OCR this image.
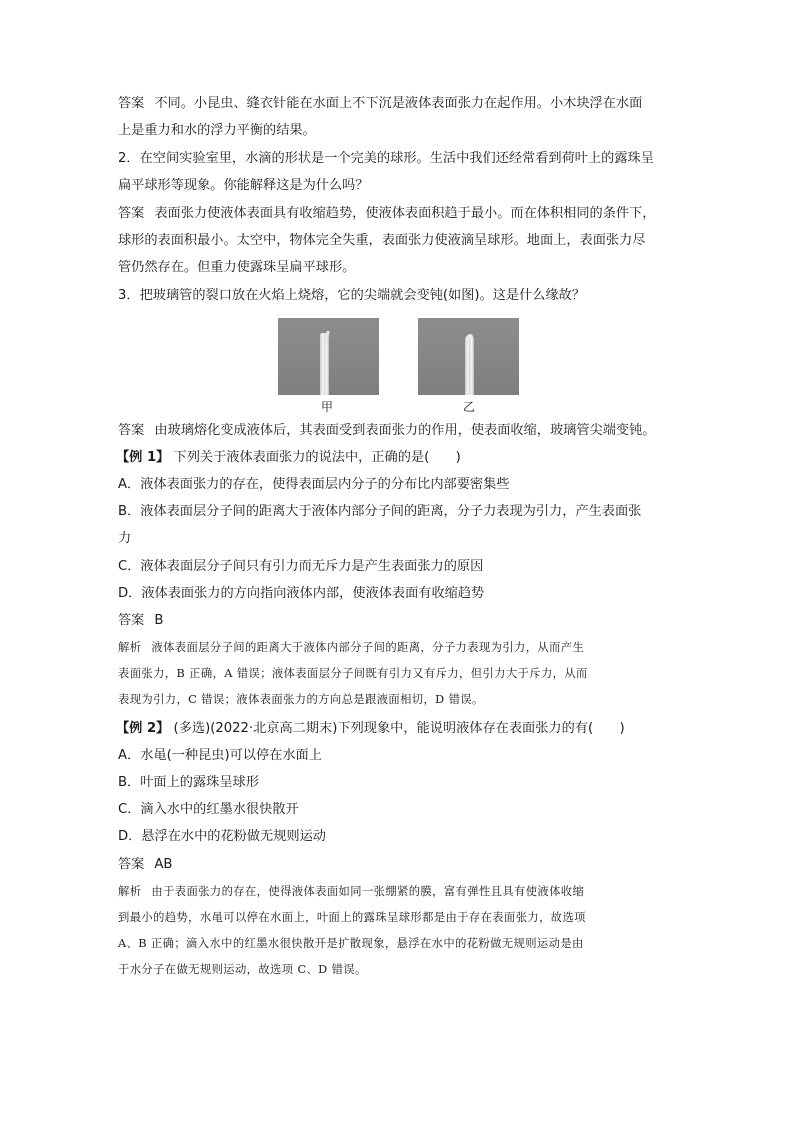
答案 不同。小昆虫、缝衣针能在水面上不下沉是液体表面张力在起作用。小木块浮在水面
上是重力和水的浮力平衡的结果。
2．在空间实验室里，水滴的形状是一个完美的球形。生活中我们还经常看到荷叶上的露珠呈
扁平球形等现象。你能解释这是为什么吗？
答案 表面张力使液体表面具有收缩趋势，使液体表面积趋于最小。而在体积相同的条件下，
球形的表面积最小。太空中，物体完全失重，表面张力使液滴呈球形。地面上，表面张力尽
管仍然存在。但重力使露珠呈扁平球形。
3．把玻璃管的裂口放在火焰上烧熔，它的尖端就会变钝(如图)。这是什么缘故？
甲	乙
答案 由玻璃熔化变成液体后，其表面受到表面张力的作用，使表面收缩，玻璃管尖端变钝。
【例 1】 下列关于液体表面张力的说法中，正确的是(　　)
A．液体表面张力的存在，使得表面层内分子的分布比内部要密集些
B．液体表面层分子间的距离大于液体内部分子间的距离，分子力表现为引力，产生表面张
力
C．液体表面层分子间只有引力而无斥力是产生表面张力的原因
D．液体表面张力的方向指向液体内部，使液体表面有收缩趋势
答案 B
解析 液体表面层分子间的距离大于液体内部分子间的距离，分子力表现为引力，从而产生
表面张力，B 正确，A 错误；液体表面层分子间既有引力又有斥力，但引力大于斥力，从而
表现为引力，C 错误；液体表面张力的方向总是跟液面相切，D 错误。
【例 2】 (多选)(2022·北京高二期末)下列现象中，能说明液体存在表面张力的有(　　)
A．水黾(一种昆虫)可以停在水面上
B．叶面上的露珠呈球形
C．滴入水中的红墨水很快散开
D．悬浮在水中的花粉做无规则运动
答案 AB
解析 由于表面张力的存在，使得液体表面如同一张绷紧的膜，富有弹性且具有使液体收缩
到最小的趋势，水黾可以停在水面上，叶面上的露珠呈球形都是由于存在表面张力，故选项
A、B 正确；滴入水中的红墨水很快散开是扩散现象，悬浮在水中的花粉做无规则运动是由
于水分子在做无规则运动，故选项 C、D 错误。
